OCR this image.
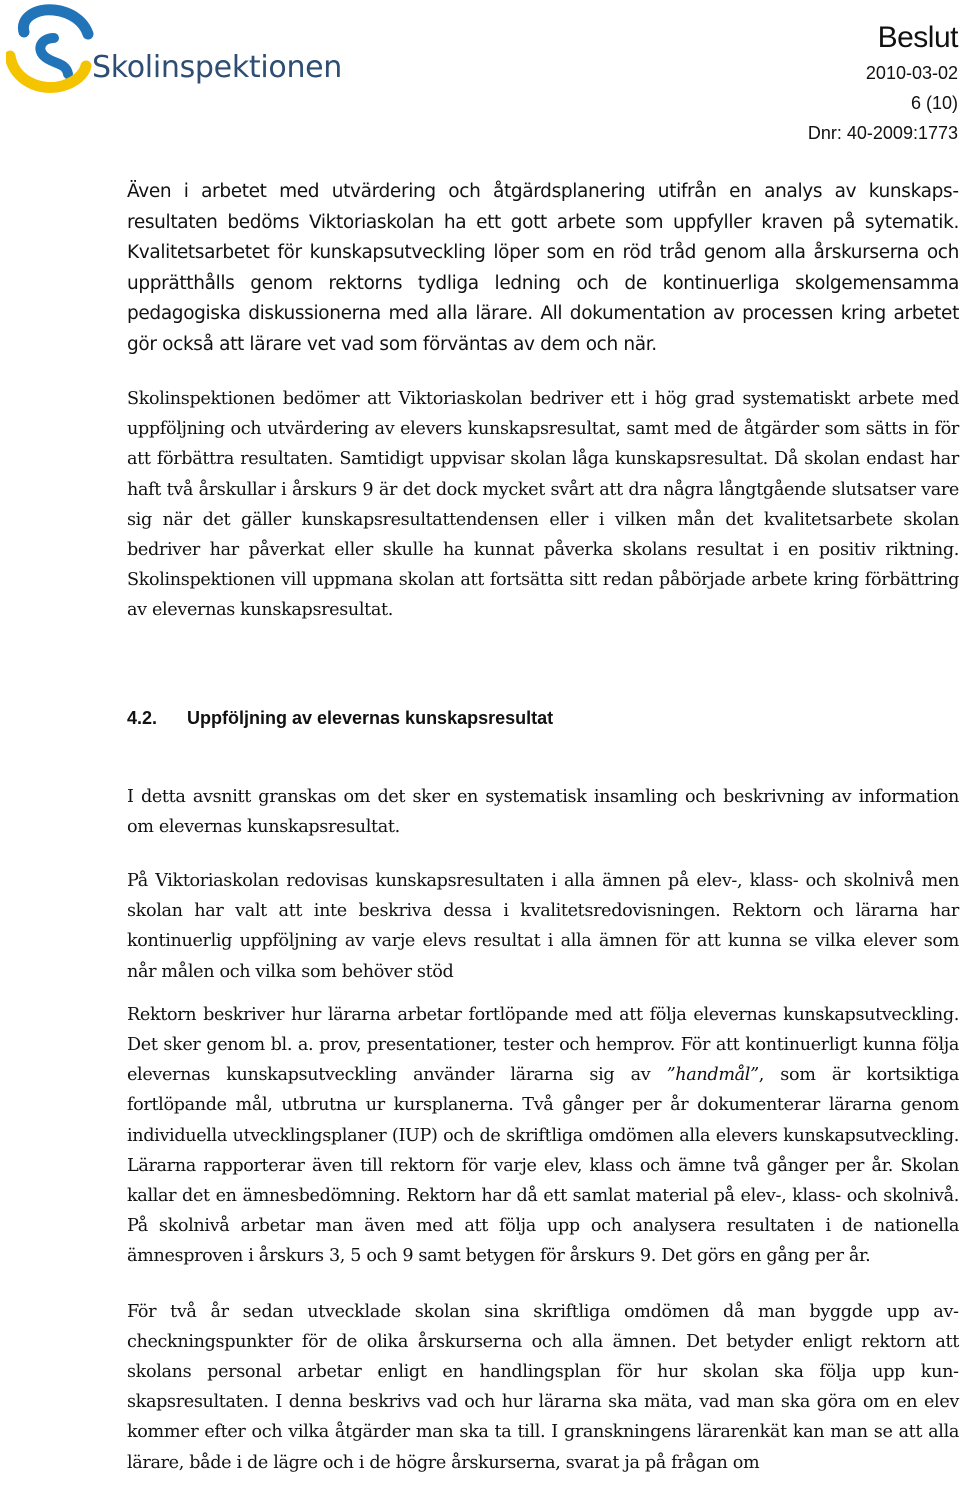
Skolinspektionen
Beslut
2010-03-02
6 (10)
Dnr: 40-2009:1773

Även i arbetet med utvärdering och åtgärdsplanering utifrån en analys av kunskapsresultaten bedöms Viktoriaskolan ha ett gott arbete som uppfyller kraven på sytematik. Kvalitetsarbetet för kunskapsutveckling löper som en röd tråd genom alla årskurserna och upprätthålls genom rektorns tydliga ledning och de kontinuerliga skolgemensamma pedagogiska diskussionerna med alla lärare. All dokumentation av processen kring arbetet gör också att lärare vet vad som förväntas av dem och när.

Skolinspektionen bedömer att Viktoriaskolan bedriver ett i hög grad systematiskt arbete med uppföljning och utvärdering av elevers kunskapsresultat, samt med de åtgärder som sätts in för att förbättra resultaten. Samtidigt uppvisar skolan låga kunskapsresultat. Då skolan endast har haft två årskullar i årskurs 9 är det dock mycket svårt att dra några långtgående slutsatser vare sig när det gäller kunskapsresultattendensen eller i vilken mån det kvalitetsarbete skolan bedriver har påverkat eller skulle ha kunnat påverka skolans resultat i en positiv riktning. Skolinspektionen vill uppmana skolan att fortsätta sitt redan påbörjade arbete kring förbättring av elevernas kunskapsresultat.

4.2.	Uppföljning av elevernas kunskapsresultat

I detta avsnitt granskas om det sker en systematisk insamling och beskrivning av information om elevernas kunskapsresultat.

På Viktoriaskolan redovisas kunskapsresultaten i alla ämnen på elev-, klass- och skolnivå men skolan har valt att inte beskriva dessa i kvalitetsredovisningen. Rektorn och lärarna har kontinuerlig uppföljning av varje elevs resultat i alla ämnen för att kunna se vilka elever som når målen och vilka som behöver stöd

Rektorn beskriver hur lärarna arbetar fortlöpande med att följa elevernas kunskapsutveckling. Det sker genom bl. a. prov, presentationer, tester och hemprov. För att kontinuerligt kunna följa elevernas kunskapsutveckling använder lärarna sig av ”handmål”, som är kortsiktiga fortlöpande mål, utbrutna ur kursplanerna. Två gånger per år dokumenterar lärarna genom individuella utvecklingsplaner (IUP) och de skriftliga omdömen alla elevers kunskapsutveckling. Lärarna rapporterar även till rektorn för varje elev, klass och ämne två gånger per år. Skolan kallar det en ämnesbedömning. Rektorn har då ett samlat material på elev-, klass- och skolnivå. På skolnivå arbetar man även med att följa upp och analysera resultaten i de nationella ämnesproven i årskurs 3, 5 och 9 samt betygen för årskurs 9. Det görs en gång per år.

För två år sedan utvecklade skolan sina skriftliga omdömen då man byggde upp avcheckningspunkter för de olika årskurserna och alla ämnen. Det betyder enligt rektorn att skolans personal arbetar enligt en handlingsplan för hur skolan ska följa upp kunskapsresultaten. I denna beskrivs vad och hur lärarna ska mäta, vad man ska göra om en elev kommer efter och vilka åtgärder man ska ta till. I granskningens lärarenkät kan man se att alla lärare, både i de lägre och i de högre årskurserna, svarat ja på frågan om
